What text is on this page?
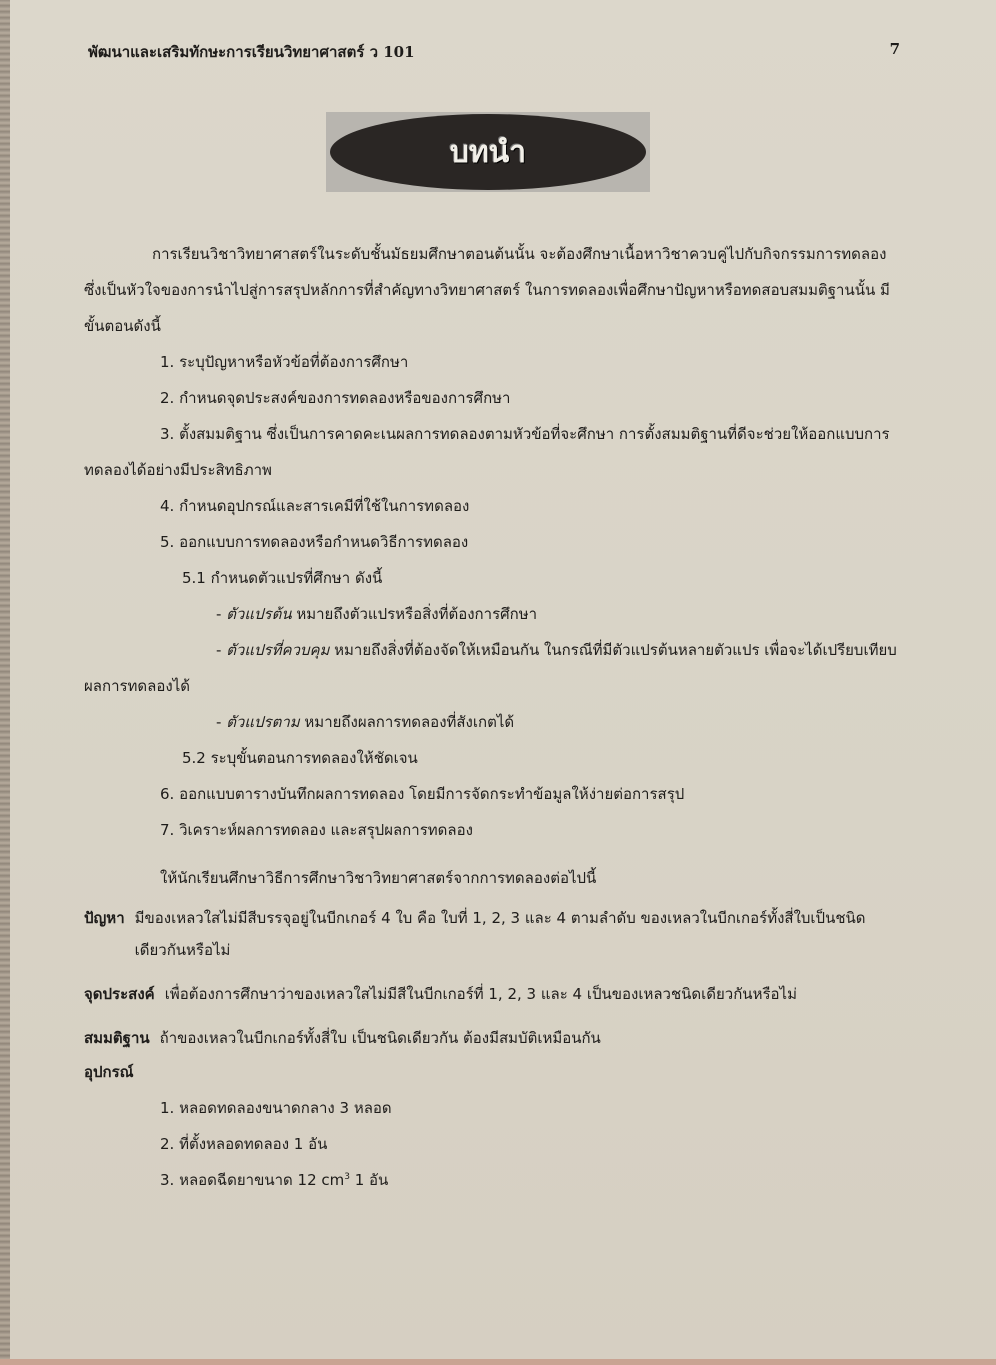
พัฒนาและเสริมทักษะการเรียนวิทยาศาสตร์ ว 101	7
บทนำ

การเรียนวิชาวิทยาศาสตร์ในระดับชั้นมัธยมศึกษาตอนต้นนั้น จะต้องศึกษาเนื้อหาวิชาควบคู่ไปกับกิจกรรมการทดลองซึ่งเป็นหัวใจของการนำไปสู่การสรุปหลักการที่สำคัญทางวิทยาศาสตร์ ในการทดลองเพื่อศึกษาปัญหาหรือทดสอบสมมติฐานนั้น มีขั้นตอนดังนี้

1. ระบุปัญหาหรือหัวข้อที่ต้องการศึกษา

2. กำหนดจุดประสงค์ของการทดลองหรือของการศึกษา

3. ตั้งสมมติฐาน ซึ่งเป็นการคาดคะเนผลการทดลองตามหัวข้อที่จะศึกษา การตั้งสมมติฐานที่ดีจะช่วยให้ออกแบบการทดลองได้อย่างมีประสิทธิภาพ

4. กำหนดอุปกรณ์และสารเคมีที่ใช้ในการทดลอง

5. ออกแบบการทดลองหรือกำหนดวิธีการทดลอง

5.1 กำหนดตัวแปรที่ศึกษา ดังนี้

- ตัวแปรต้น หมายถึงตัวแปรหรือสิ่งที่ต้องการศึกษา

- ตัวแปรที่ควบคุม หมายถึงสิ่งที่ต้องจัดให้เหมือนกัน ในกรณีที่มีตัวแปรต้นหลายตัวแปร เพื่อจะได้เปรียบเทียบผลการทดลองได้

- ตัวแปรตาม หมายถึงผลการทดลองที่สังเกตได้

5.2 ระบุขั้นตอนการทดลองให้ชัดเจน

6. ออกแบบตารางบันทึกผลการทดลอง โดยมีการจัดกระทำข้อมูลให้ง่ายต่อการสรุป

7. วิเคราะห์ผลการทดลอง และสรุปผลการทดลอง

ให้นักเรียนศึกษาวิธีการศึกษาวิชาวิทยาศาสตร์จากการทดลองต่อไปนี้

ปัญหา มีของเหลวใสไม่มีสีบรรจุอยู่ในบีกเกอร์ 4 ใบ คือ ใบที่ 1, 2, 3 และ 4 ตามลำดับ ของเหลวในบีกเกอร์ทั้งสี่ใบเป็นชนิดเดียวกันหรือไม่
จุดประสงค์ เพื่อต้องการศึกษาว่าของเหลวใสไม่มีสีในบีกเกอร์ที่ 1, 2, 3 และ 4 เป็นของเหลวชนิดเดียวกันหรือไม่
สมมติฐาน ถ้าของเหลวในบีกเกอร์ทั้งสี่ใบ เป็นชนิดเดียวกัน ต้องมีสมบัติเหมือนกัน

อุปกรณ์

1. หลอดทดลองขนาดกลาง 3 หลอด

2. ที่ตั้งหลอดทดลอง 1 อัน

3. หลอดฉีดยาขนาด 12 $cm^3$ 1 อัน
